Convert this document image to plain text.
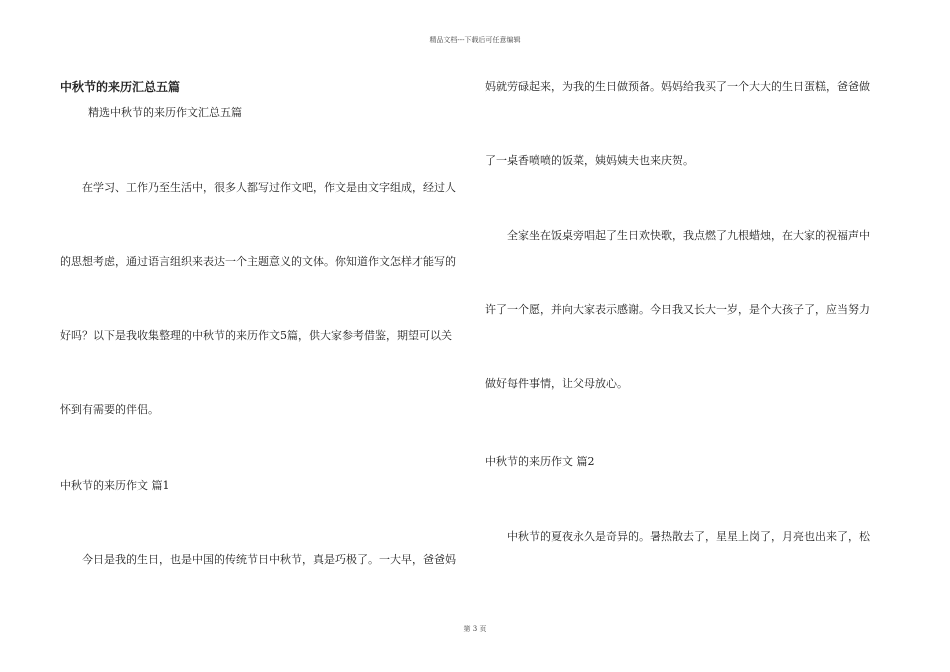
精品文档---下载后可任意编辑
中秋节的来历汇总五篇
精选中秋节的来历作文汇总五篇
在学习、工作乃至生活中，很多人都写过作文吧，作文是由文字组成，经过人
的思想考虑，通过语言组织来表达一个主题意义的文体。你知道作文怎样才能写的
好吗？以下是我收集整理的中秋节的来历作文5篇，供大家参考借鉴，期望可以关
怀到有需要的伴侣。
中秋节的来历作文 篇1
今日是我的生日，也是中国的传统节日中秋节，真是巧极了。一大早，爸爸妈
妈就劳碌起来，为我的生日做预备。妈妈给我买了一个大大的生日蛋糕，爸爸做
了一桌香喷喷的饭菜，姨妈姨夫也来庆贺。
全家坐在饭桌旁唱起了生日欢快歌，我点燃了九根蜡烛，在大家的祝福声中
许了一个愿，并向大家表示感谢。今日我又长大一岁，是个大孩子了，应当努力
做好每件事情，让父母放心。
中秋节的来历作文 篇2
中秋节的夏夜永久是奇异的。暑热散去了，星星上岗了，月亮也出来了，松
第 3 页
